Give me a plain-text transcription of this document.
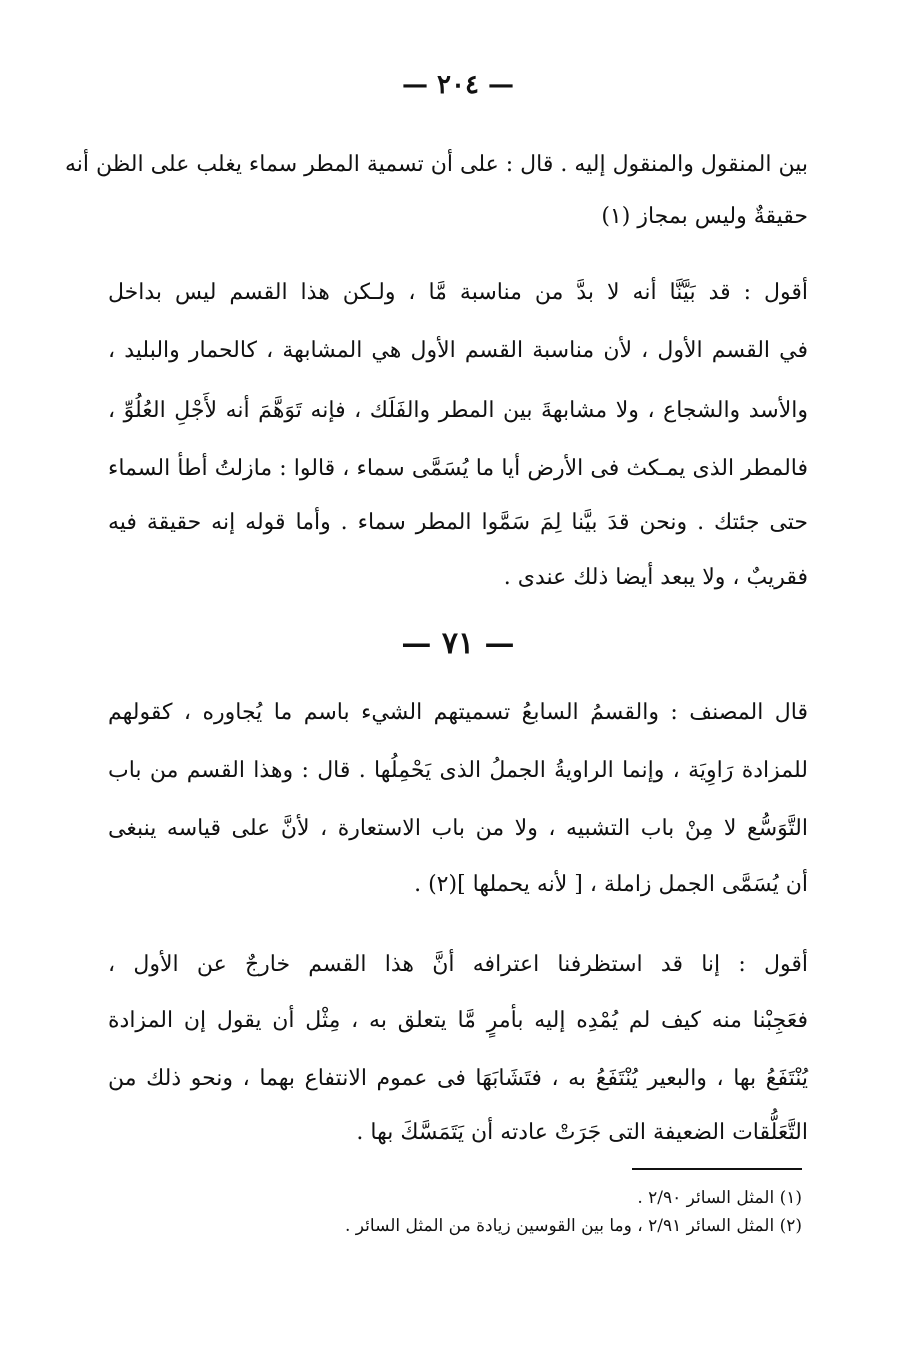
— ٢٠٤ —
بين المنقول والمنقول إليه . قال : على أن تسمية المطر سماء يغلب على الظن أنه
حقيقةٌ وليس بمجاز (١)
أقول : قد بَيَّنَّا أنه لا بدَّ من مناسبة مَّا ، ولـكن هذا القسم ليس بداخل
في القسم الأول ، لأن مناسبة القسم الأول هي المشابهة ، كالحمار والبليد ،
والأسد والشجاع ، ولا مشابهةَ بين المطر والفَلَك ، فإنه تَوَهَّمَ أنه لأَجْلِ العُلُوِّ ،
فالمطر الذى يمـكث فى الأرض أيا ما يُسَمَّى سماء ، قالوا : مازلتُ أطأ السماء
حتى جئتك . ونحن قدَ بيَّنا لِمَ سَمَّوا المطر سماء . وأما قوله إنه حقيقة فيه
فقريبٌ ، ولا يبعد أيضا ذلك عندى .
— ٧١ —
قال المصنف : والقسمُ السابعُ تسميتهم الشيء باسم ما يُجاوره ، كقولهم
للمزادة رَاوِيَة ، وإنما الراويةُ الجملُ الذى يَحْمِلُها . قال : وهذا القسم من باب
التَّوَسُّع لا مِنْ باب التشبيه ، ولا من باب الاستعارة ، لأنَّ على قياسه ينبغى
أن يُسَمَّى الجمل زاملة ، [ لأنه يحملها ](٢) .
أقول : إنا قد استظرفنا اعترافه أنَّ هذا القسم خارجٌ عن الأول ،
فعَجِبْنا منه كيف لم يُمْدِه إليه بأمرٍ مَّا يتعلق به ، مِثْل أن يقول إن المزادة
يُنْتَفَعُ بها ، والبعير يُنْتَفَعُ به ، فتَشَابَهَا فى عموم الانتفاع بهما ، ونحو ذلك من
التَّعَلُّقات الضعيفة التى جَرَتْ عادته أن يَتَمَسَّكَ بها .
(١) المثل السائر ٢/٩٠ .
(٢) المثل السائر ٢/٩١ ، وما بين القوسين زيادة من المثل السائر .
